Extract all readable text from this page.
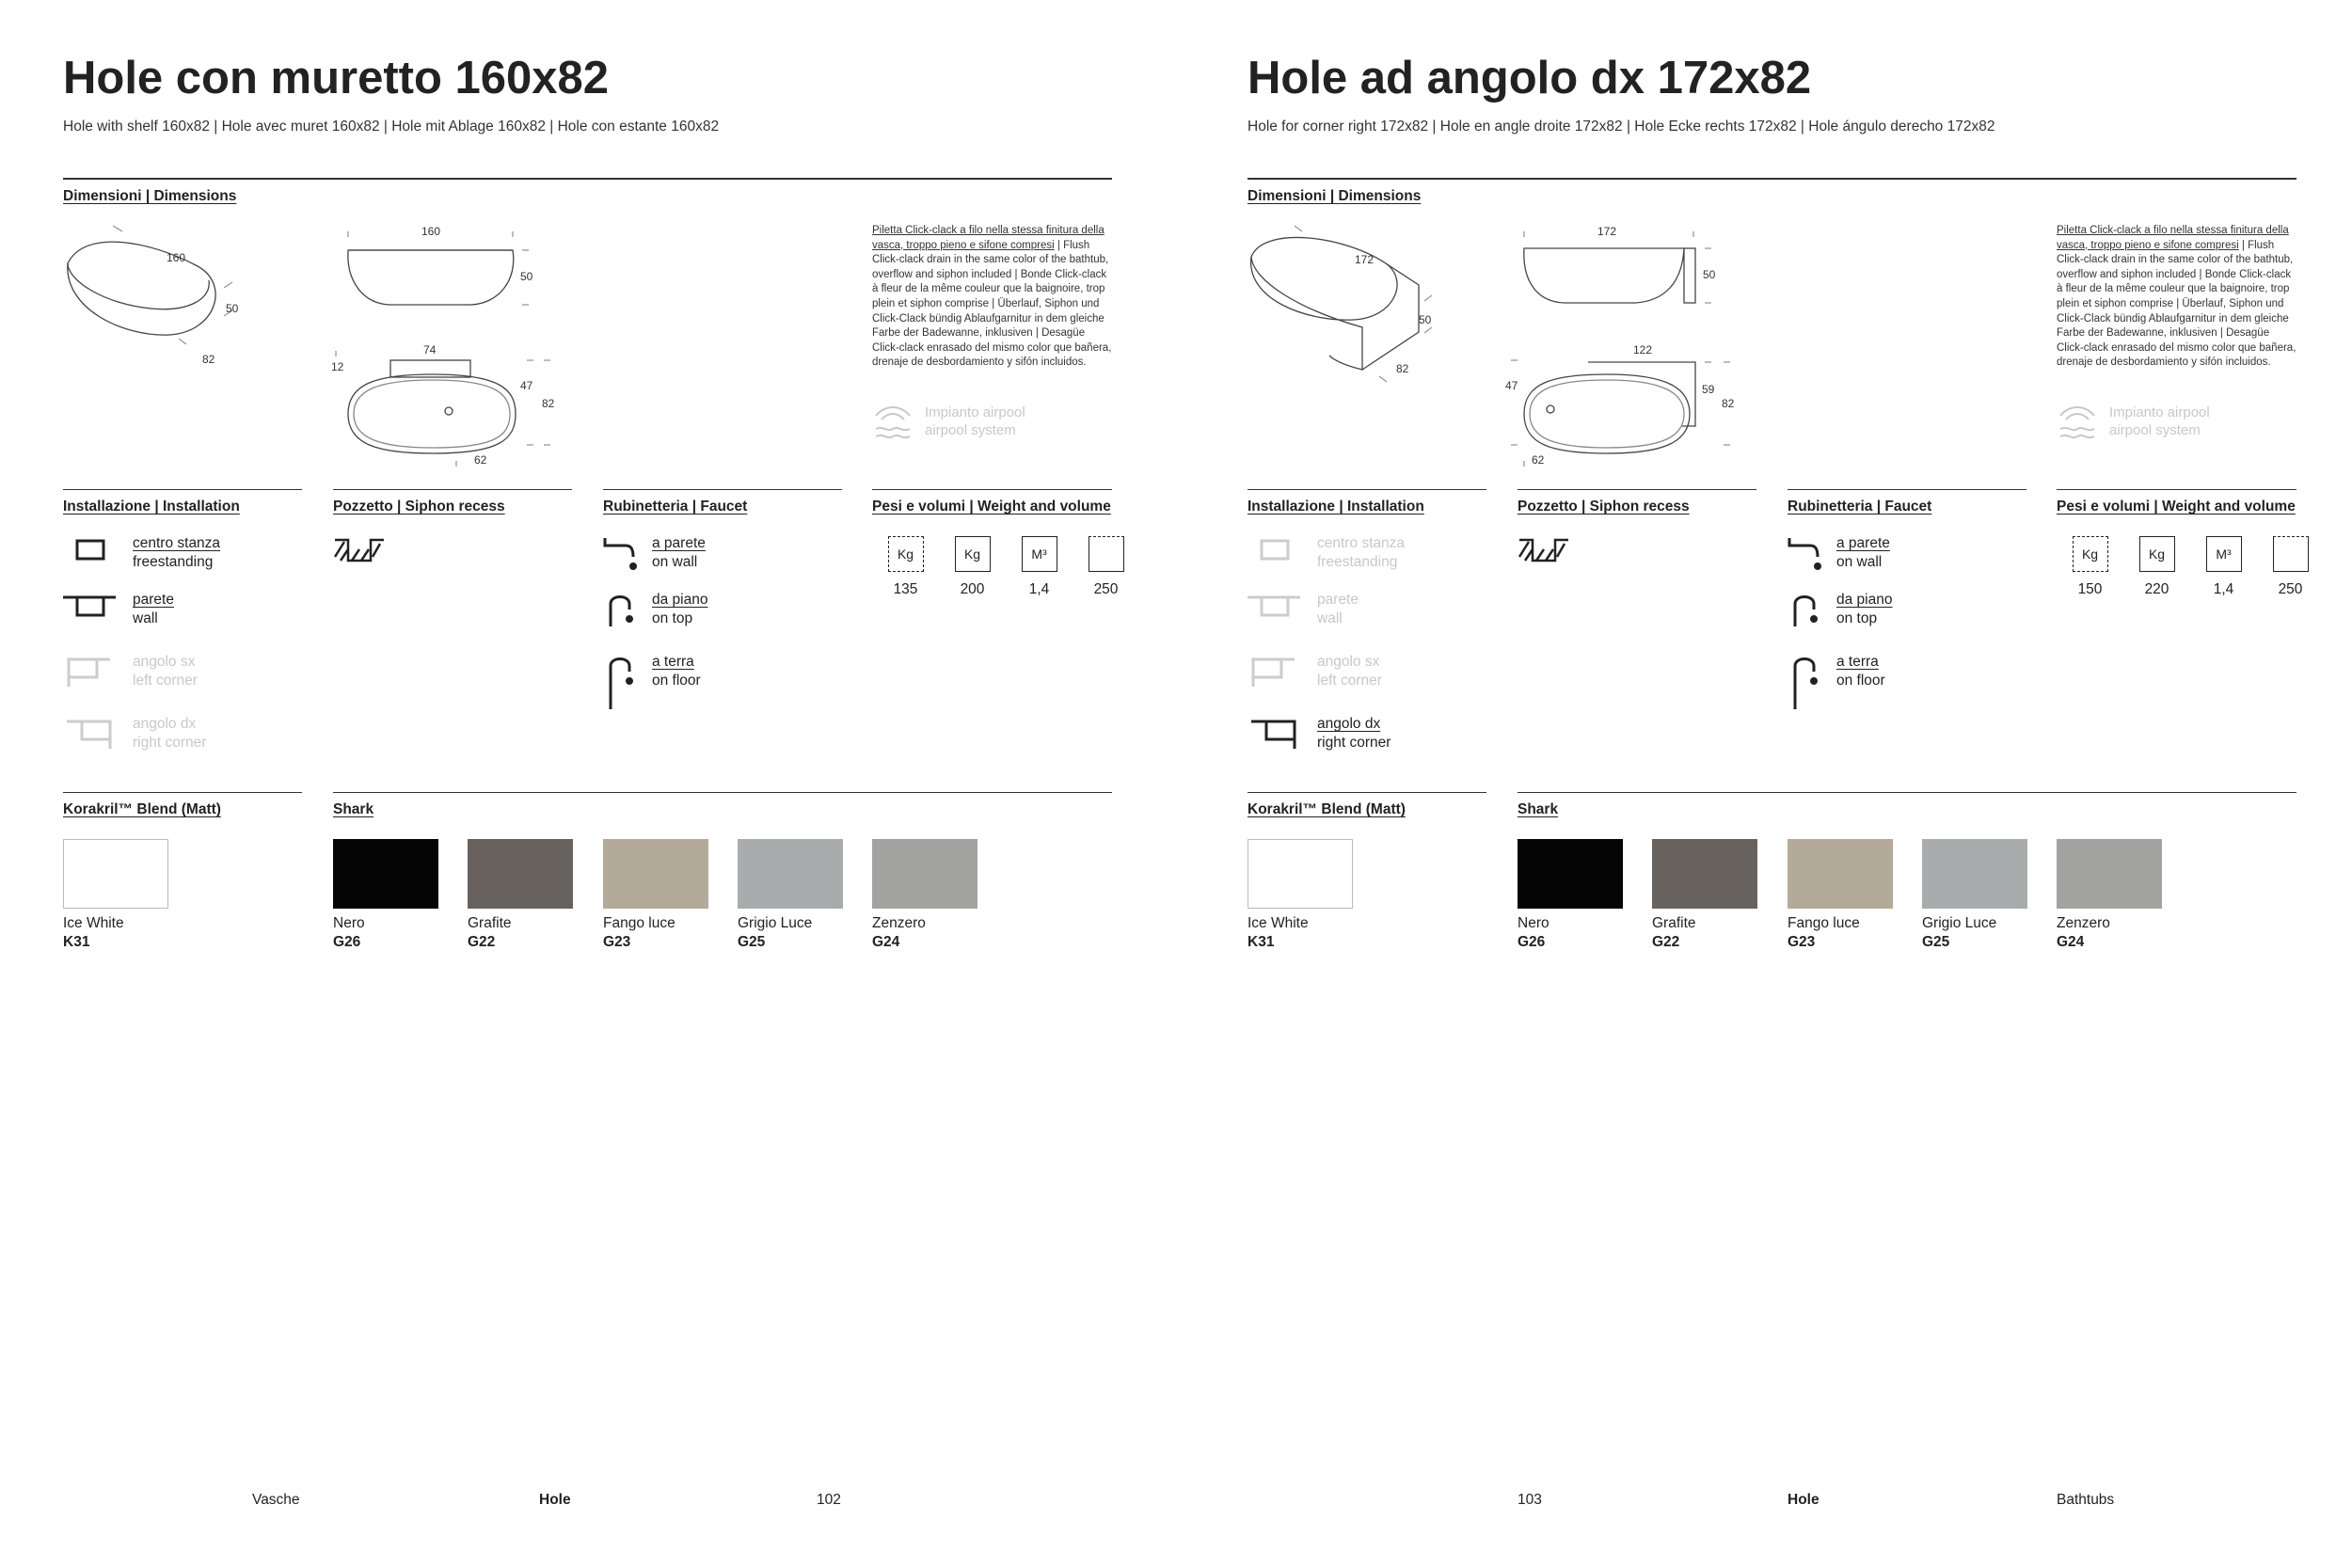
Hole con muretto 160x82
Hole with shelf 160x82 | Hole avec muret 160x82 | Hole mit Ablage 160x82 | Hole con estante 160x82
Dimensioni | Dimensions
160
50
82
160
50
74
12
47
82
62
Piletta Click-clack a filo nella stessa finitura della vasca, troppo pieno e sifone compresi | Flush Click-clack drain in the same color of the bathtub, overflow and siphon included | Bonde Click-clack à fleur de la même couleur que la baignoire, trop plein et siphon comprise | Überlauf, Siphon und Click-Clack bündig Ablaufgarnitur in dem gleiche Farbe der Badewanne, inklusiven | Desagüe Click-clack enrasado del mismo color que bañera, drenaje de desbordamiento y sifón incluidos.
Impianto airpool
airpool system
Installazione | Installation	Pozzetto | Siphon recess	Rubinetteria | Faucet	Pesi e volumi | Weight and volume
centro stanza
freestanding
parete
wall
angolo sx
left corner
angolo dx
right corner
a parete
on wall
da piano
on top
a terra
on floor
Kg
135
Kg
200
M³
1,4	250
Korakril™ Blend (Matt)	Shark
Ice White
K31
Nero
G26
Grafite
G22
Fango luce
G23
Grigio Luce
G25
Zenzero
G24
Vasche	Hole	102
Hole ad angolo dx 172x82
Hole for corner right 172x82 | Hole en angle droite 172x82 | Hole Ecke rechts 172x82 | Hole ángulo derecho 172x82
Dimensioni | Dimensions
172
50
82
172
50
122
59
47
82
62
Piletta Click-clack a filo nella stessa finitura della vasca, troppo pieno e sifone compresi | Flush Click-clack drain in the same color of the bathtub, overflow and siphon included | Bonde Click-clack à fleur de la même couleur que la baignoire, trop plein et siphon comprise | Überlauf, Siphon und Click-Clack bündig Ablaufgarnitur in dem gleiche Farbe der Badewanne, inklusiven | Desagüe Click-clack enrasado del mismo color que bañera, drenaje de desbordamiento y sifón incluidos.
Impianto airpool
airpool system
Installazione | Installation	Pozzetto | Siphon recess	Rubinetteria | Faucet	Pesi e volumi | Weight and volume
centro stanza
freestanding
parete
wall
angolo sx
left corner
angolo dx
right corner
a parete
on wall
da piano
on top
a terra
on floor
Kg
150
Kg
220
M³
1,4	250
Korakril™ Blend (Matt)	Shark
Ice White
K31
Nero
G26
Grafite
G22
Fango luce
G23
Grigio Luce
G25
Zenzero
G24
103	Hole	Bathtubs
